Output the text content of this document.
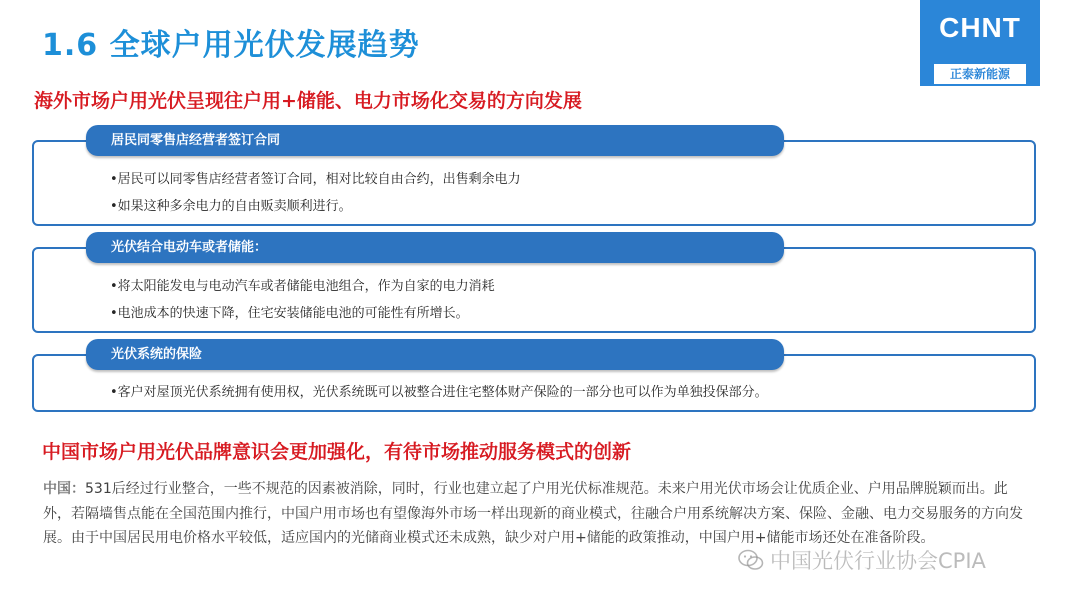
1.6 全球户用光伏发展趋势
CHNT
正泰新能源
海外市场户用光伏呈现往户用+储能、电力市场化交易的方向发展
居民同零售店经营者签订合同
•居民可以同零售店经营者签订合同，相对比较自由合约，出售剩余电力
•如果这种多余电力的自由贩卖顺利进行。
光伏结合电动车或者储能：
•将太阳能发电与电动汽车或者储能电池组合，作为自家的电力消耗
•电池成本的快速下降，住宅安装储能电池的可能性有所增长。
光伏系统的保险
•客户对屋顶光伏系统拥有使用权，光伏系统既可以被整合进住宅整体财产保险的一部分也可以作为单独投保部分。
中国市场户用光伏品牌意识会更加强化，有待市场推动服务模式的创新
中国：531后经过行业整合，一些不规范的因素被消除，同时，行业也建立起了户用光伏标准规范。未来户用光伏市场会让优质企业、户用品牌脱颖而出。此外，若隔墙售点能在全国范围内推行，中国户用市场也有望像海外市场一样出现新的商业模式，往融合户用系统解决方案、保险、金融、电力交易服务的方向发展。由于中国居民用电价格水平较低，适应国内的光储商业模式还未成熟，缺少对户用+储能的政策推动，中国户用+储能市场还处在准备阶段。
中国光伏行业协会CPIA
